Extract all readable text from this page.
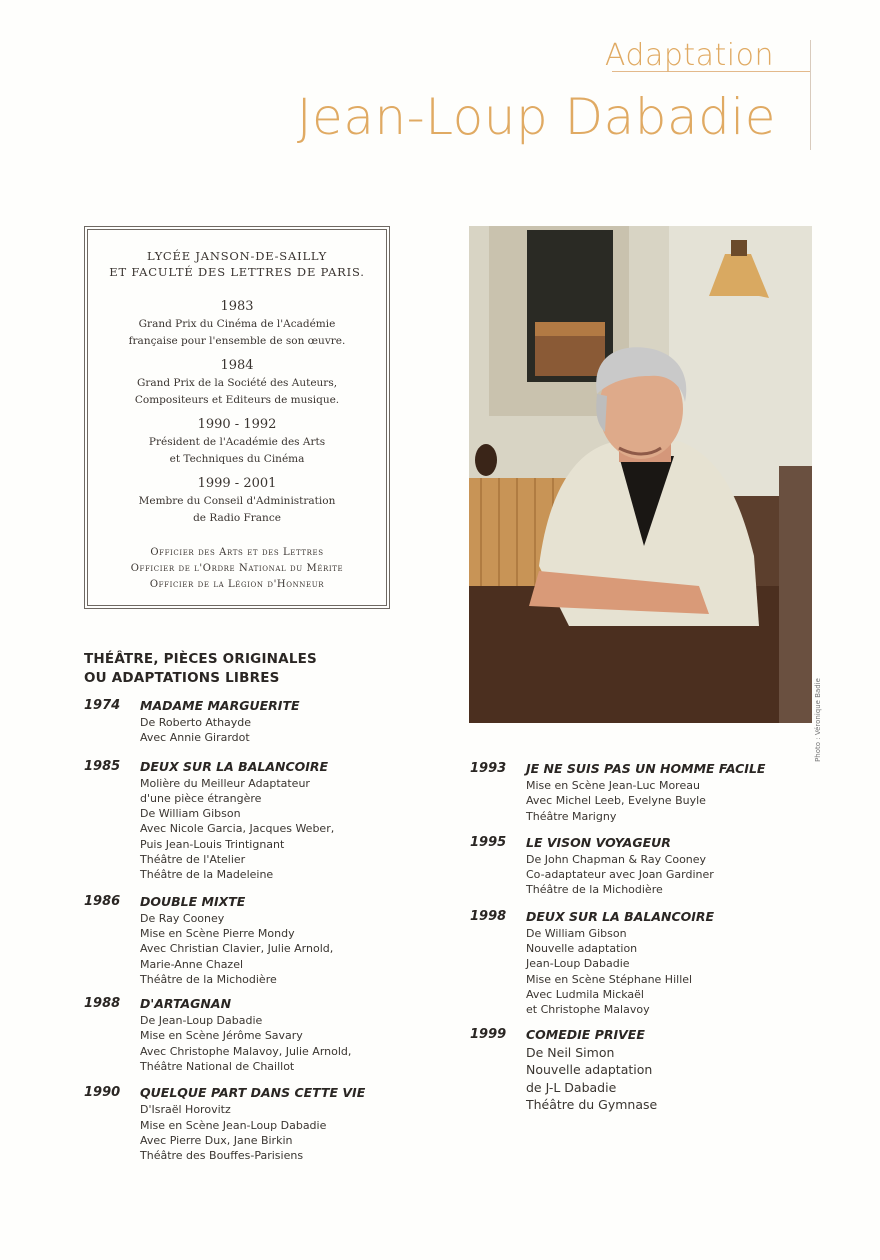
Adaptation
Jean-Loup Dabadie
LYCÉE JANSON-DE-SAILLY
ET FACULTÉ DES LETTRES DE PARIS.
1983
Grand Prix du Cinéma de l'Académie
française pour l'ensemble de son œuvre.
1984
Grand Prix de la Société des Auteurs,
Compositeurs et Editeurs de musique.
1990 - 1992
Président de l'Académie des Arts
et Techniques du Cinéma
1999 - 2001
Membre du Conseil d'Administration
de Radio France
Officier des Arts et des Lettres
Officier de l'Ordre National du Mérite
Officier de la Légion d'Honneur
Photo : Véronique Badie
THÉÂTRE, PIÈCES ORIGINALES
OU ADAPTATIONS LIBRES
1974	MADAME MARGUERITE
De Roberto Athayde
Avec Annie Girardot
1985	DEUX SUR LA BALANCOIRE
Molière du Meilleur Adaptateur
d'une pièce étrangère
De William Gibson
Avec Nicole Garcia, Jacques Weber,
Puis Jean-Louis Trintignant
Théâtre de l'Atelier
Théâtre de la Madeleine
1986	DOUBLE MIXTE
De Ray Cooney
Mise en Scène Pierre Mondy
Avec Christian Clavier, Julie Arnold,
Marie-Anne Chazel
Théâtre de la Michodière
1988	D'ARTAGNAN
De Jean-Loup Dabadie
Mise en Scène Jérôme Savary
Avec Christophe Malavoy, Julie Arnold,
Théâtre National de Chaillot
1990	QUELQUE PART DANS CETTE VIE
D'Israël Horovitz
Mise en Scène Jean-Loup Dabadie
Avec Pierre Dux, Jane Birkin
Théâtre des Bouffes-Parisiens
1993	JE NE SUIS PAS UN HOMME FACILE
Mise en Scène Jean-Luc Moreau
Avec Michel Leeb, Evelyne Buyle
Théâtre Marigny
1995	LE VISON VOYAGEUR
De John Chapman & Ray Cooney
Co-adaptateur avec Joan Gardiner
Théâtre de la Michodière
1998	DEUX SUR LA BALANCOIRE
De William Gibson
Nouvelle adaptation
Jean-Loup Dabadie
Mise en Scène Stéphane Hillel
Avec Ludmila Mickaël
et Christophe Malavoy
1999	COMEDIE PRIVEE
De Neil Simon
Nouvelle adaptation
de J-L Dabadie
Théâtre du Gymnase
